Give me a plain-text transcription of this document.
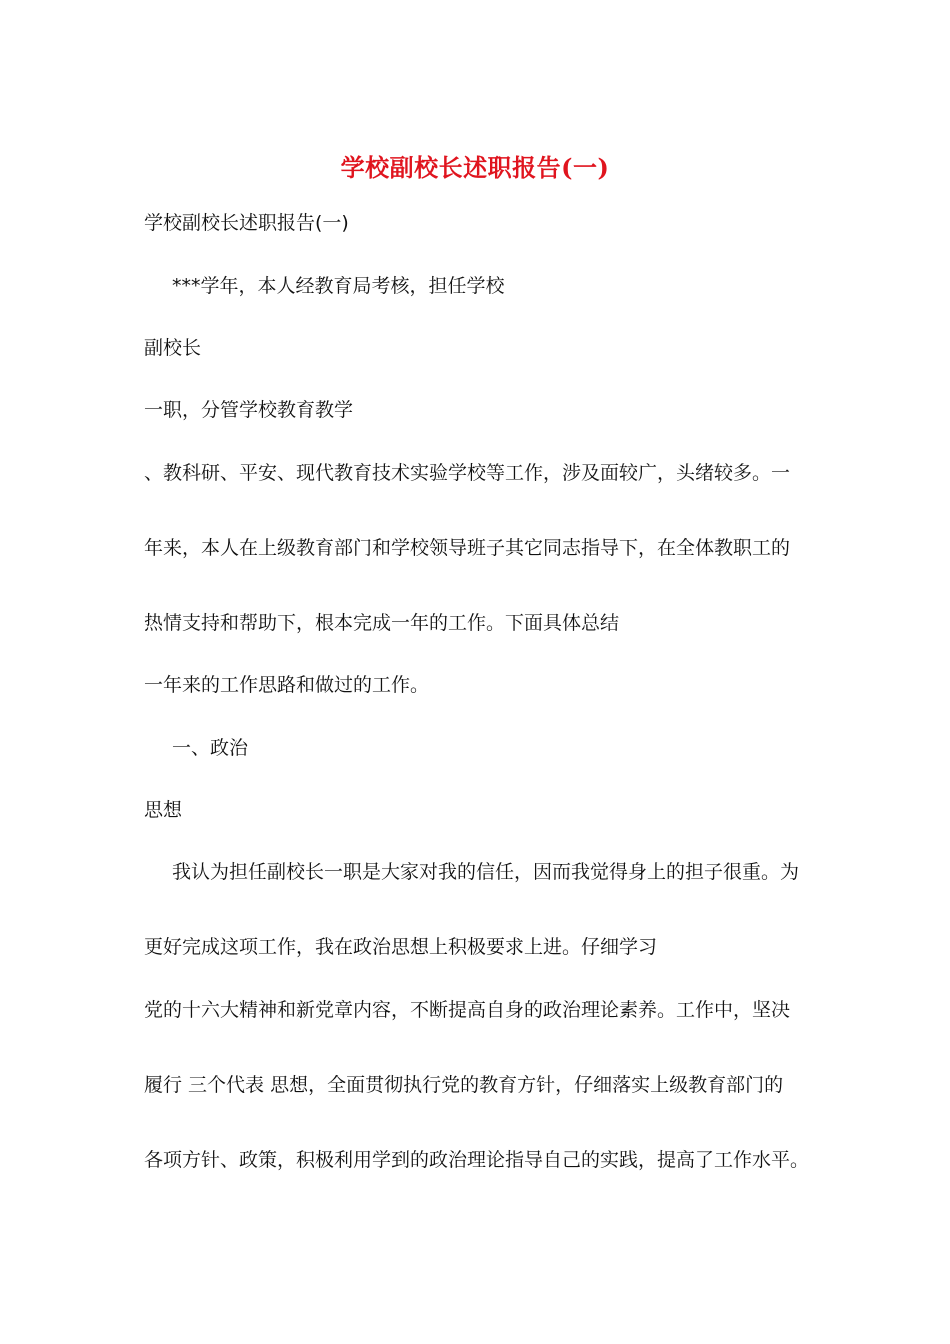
学校副校长述职报告(一)
学校副校长述职报告(一)
***学年，本人经教育局考核，担任学校
副校长
一职，分管学校教育教学
、教科研、平安、现代教育技术实验学校等工作，涉及面较广，头绪较多。一
年来，本人在上级教育部门和学校领导班子其它同志指导下，在全体教职工的
热情支持和帮助下，根本完成一年的工作。下面具体总结
一年来的工作思路和做过的工作。
一、政治
思想
我认为担任副校长一职是大家对我的信任，因而我觉得身上的担子很重。为
更好完成这项工作，我在政治思想上积极要求上进。仔细学习
党的十六大精神和新党章内容，不断提高自身的政治理论素养。工作中，坚决
履行 三个代表 思想，全面贯彻执行党的教育方针，仔细落实上级教育部门的
各项方针、政策，积极利用学到的政治理论指导自己的实践，提高了工作水平。
